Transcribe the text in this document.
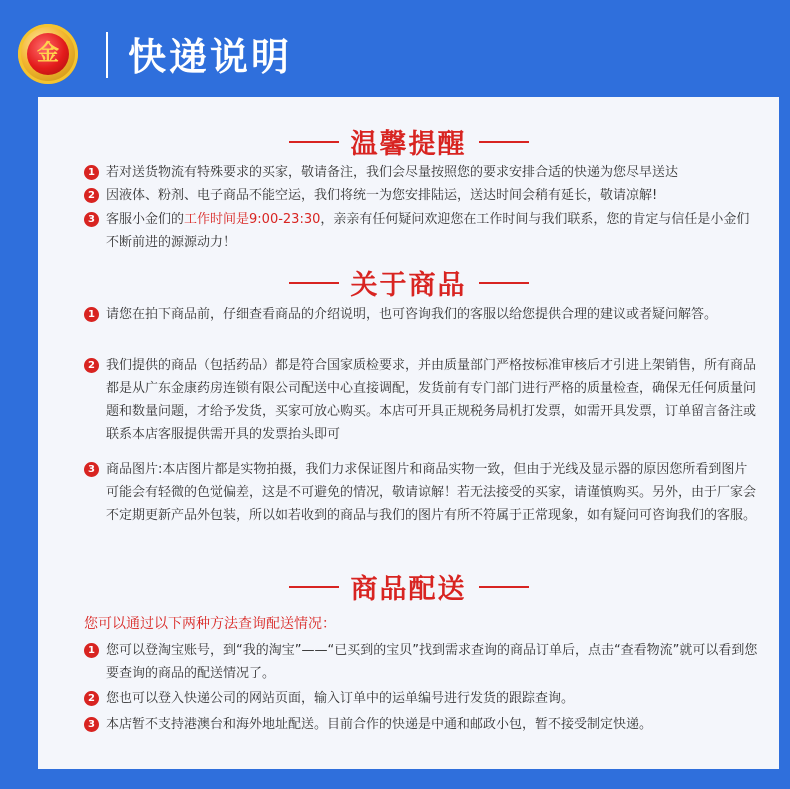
金 快递说明
温馨提醒
1 若对送货物流有特殊要求的买家，敬请备注，我们会尽量按照您的要求安排合适的快递为您尽早送达
2 因液体、粉剂、电子商品不能空运，我们将统一为您安排陆运，送达时间会稍有延长，敬请凉解!
3 客服小金们的工作时间是9:00-23:30，亲亲有任何疑问欢迎您在工作时间与我们联系，您的肯定与信任是小金们不断前进的源源动力！
关于商品
1 请您在拍下商品前，仔细查看商品的介绍说明，也可咨询我们的客服以给您提供合理的建议或者疑问解答。
2 我们提供的商品（包括药品）都是符合国家质检要求，并由质量部门严格按标准审核后才引进上架销售，所有商品都是从广东金康药房连锁有限公司配送中心直接调配，发货前有专门部门进行严格的质量检查，确保无任何质量问题和数量问题，才给予发货，买家可放心购买。本店可开具正规税务局机打发票，如需开具发票，订单留言备注或联系本店客服提供需开具的发票抬头即可
3 商品图片:本店图片都是实物拍摄，我们力求保证图片和商品实物一致，但由于光线及显示器的原因您所看到图片可能会有轻微的色觉偏差，这是不可避免的情况，敬请谅解！若无法接受的买家，请谨慎购买。另外，由于厂家会不定期更新产品外包装，所以如若收到的商品与我们的图片有所不符属于正常现象，如有疑问可咨询我们的客服。
商品配送
您可以通过以下两种方法查询配送情况：
1 您可以登淘宝账号，到“我的淘宝”——“已买到的宝贝”找到需求查询的商品订单后，点击“查看物流”就可以看到您要查询的商品的配送情况了。
2 您也可以登入快递公司的网站页面，输入订单中的运单编号进行发货的跟踪查询。
3 本店暂不支持港澳台和海外地址配送。目前合作的快递是中通和邮政小包，暂不接受制定快递。
